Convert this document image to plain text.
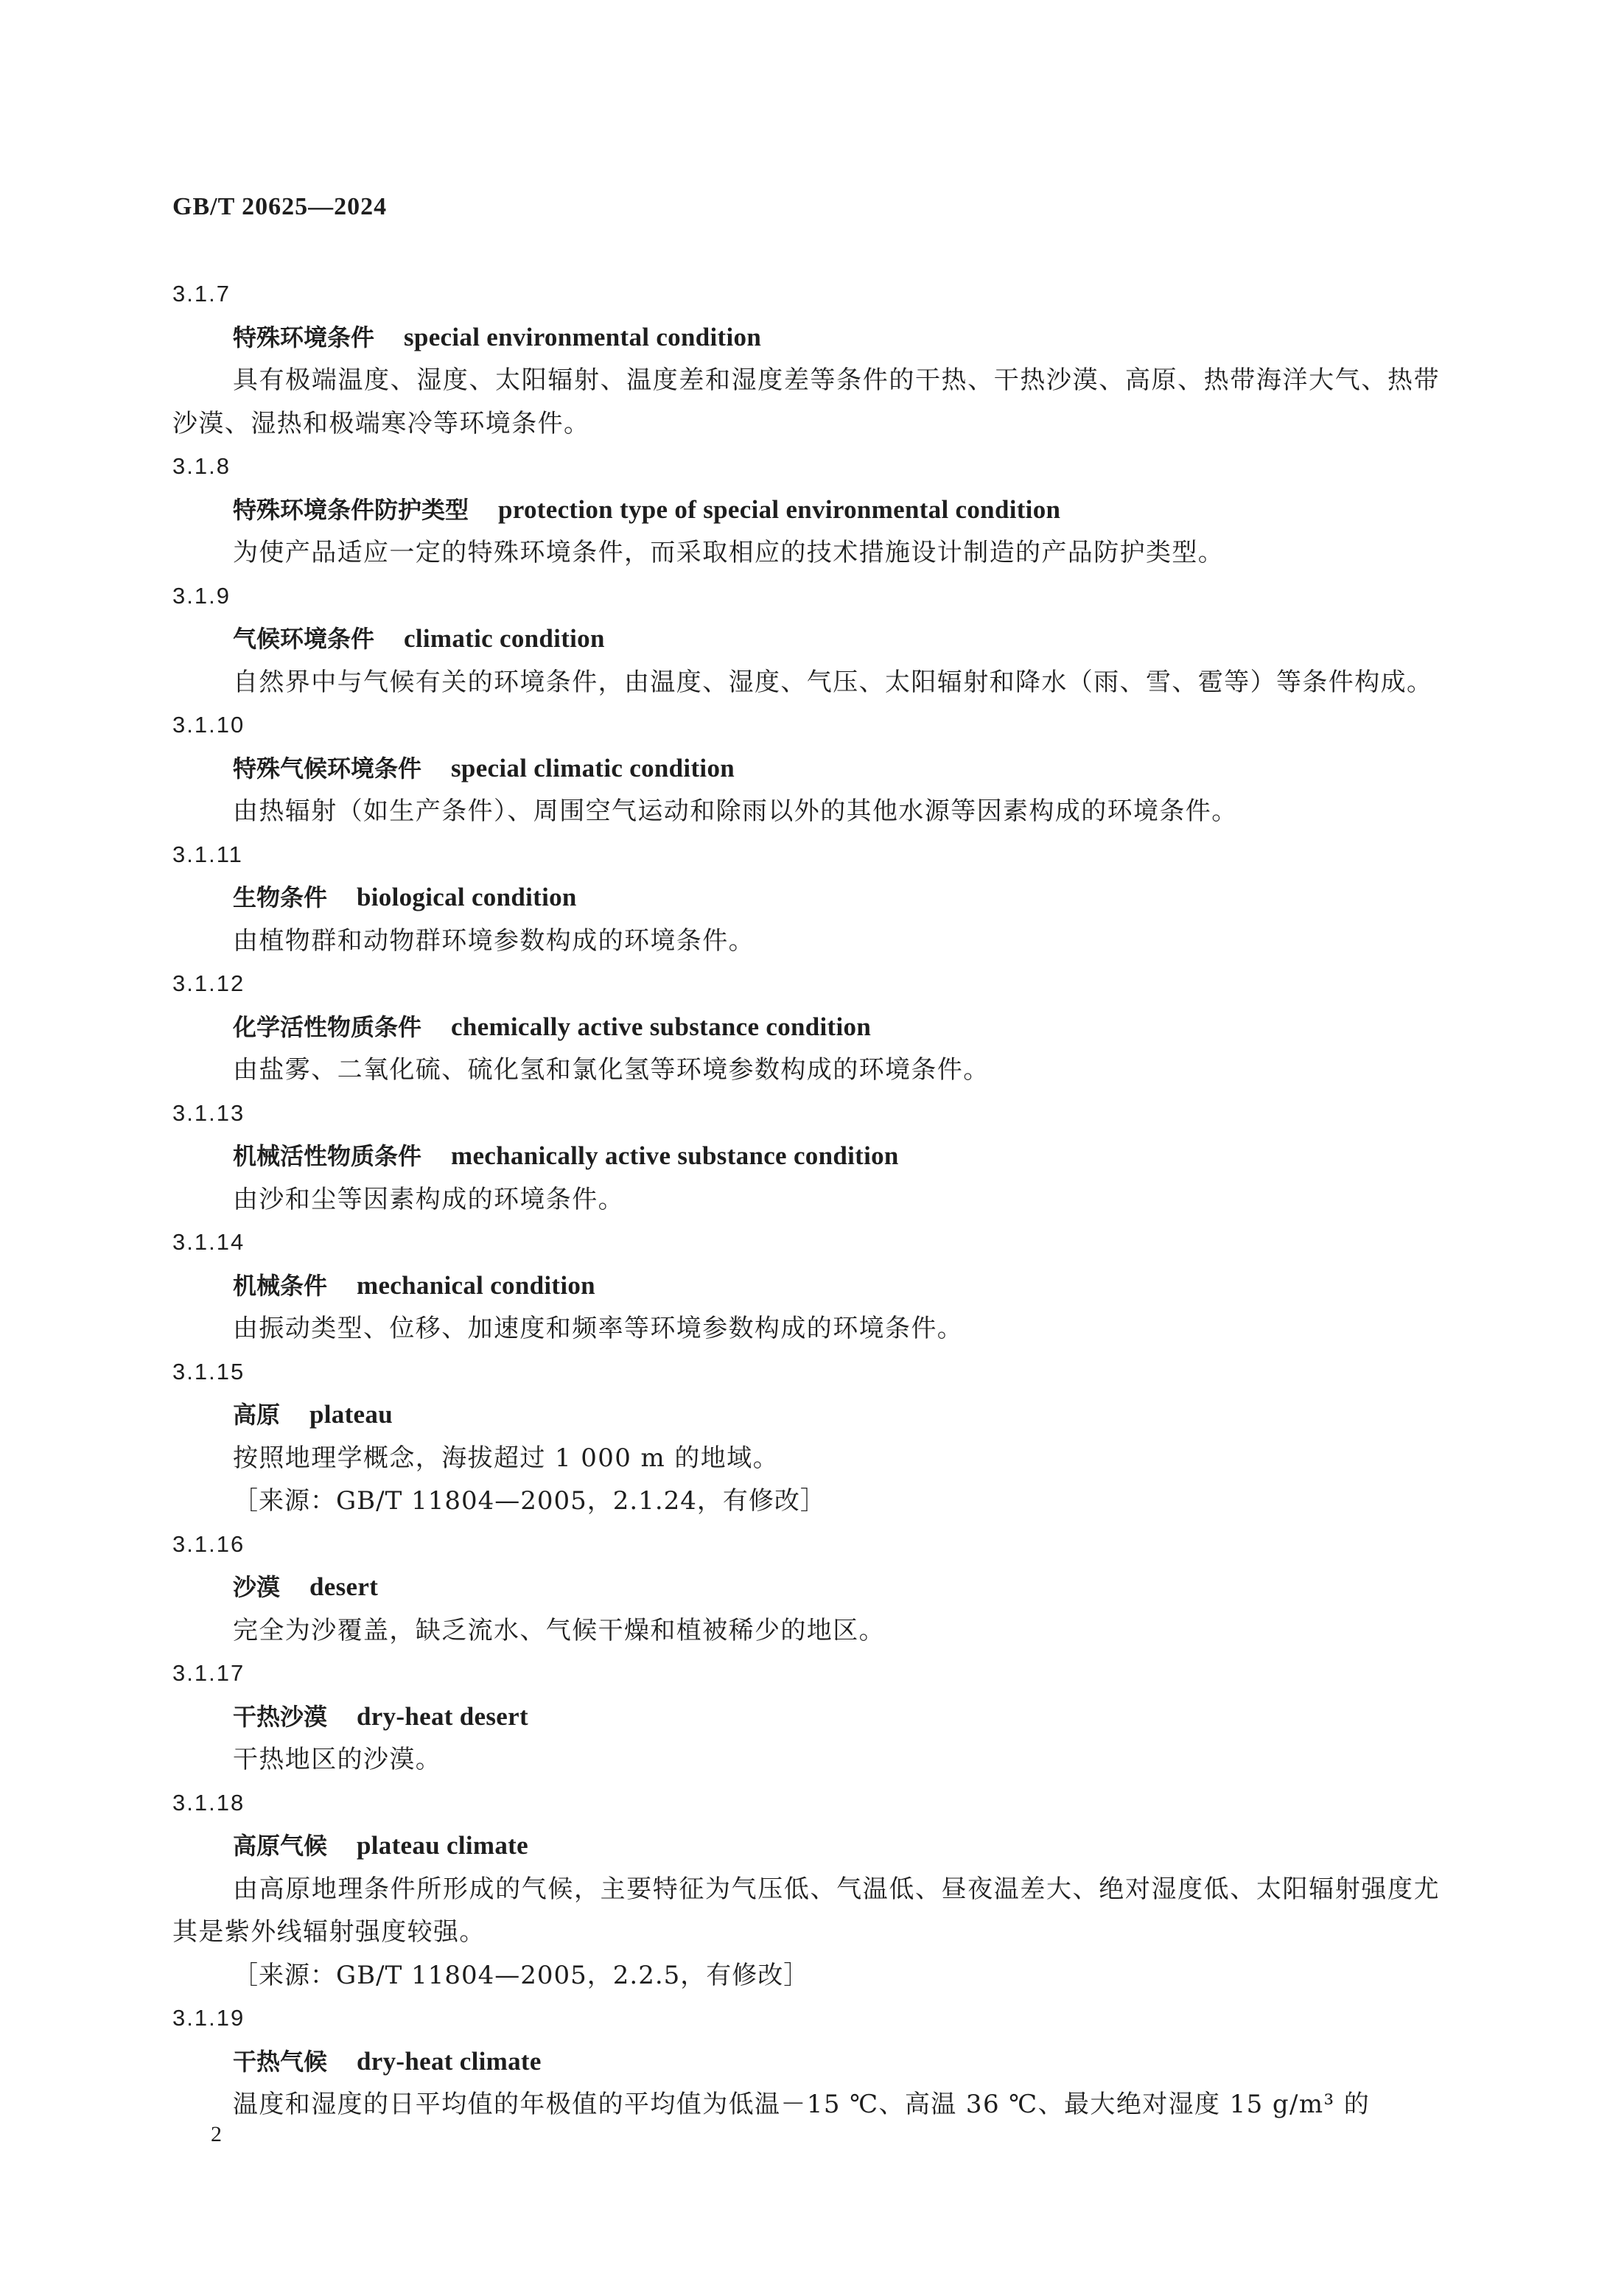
GB/T 20625—2024
3.1.7
特殊环境条件 special environmental condition
具有极端温度、湿度、太阳辐射、温度差和湿度差等条件的干热、干热沙漠、高原、热带海洋大气、热带沙漠、湿热和极端寒冷等环境条件。
3.1.8
特殊环境条件防护类型 protection type of special environmental condition
为使产品适应一定的特殊环境条件，而采取相应的技术措施设计制造的产品防护类型。
3.1.9
气候环境条件 climatic condition
自然界中与气候有关的环境条件，由温度、湿度、气压、太阳辐射和降水（雨、雪、雹等）等条件构成。
3.1.10
特殊气候环境条件 special climatic condition
由热辐射（如生产条件）、周围空气运动和除雨以外的其他水源等因素构成的环境条件。
3.1.11
生物条件 biological condition
由植物群和动物群环境参数构成的环境条件。
3.1.12
化学活性物质条件 chemically active substance condition
由盐雾、二氧化硫、硫化氢和氯化氢等环境参数构成的环境条件。
3.1.13
机械活性物质条件 mechanically active substance condition
由沙和尘等因素构成的环境条件。
3.1.14
机械条件 mechanical condition
由振动类型、位移、加速度和频率等环境参数构成的环境条件。
3.1.15
高原 plateau
按照地理学概念，海拔超过 1 000 m 的地域。
［来源：GB/T 11804—2005，2.1.24，有修改］
3.1.16
沙漠 desert
完全为沙覆盖，缺乏流水、气候干燥和植被稀少的地区。
3.1.17
干热沙漠 dry-heat desert
干热地区的沙漠。
3.1.18
高原气候 plateau climate
由高原地理条件所形成的气候，主要特征为气压低、气温低、昼夜温差大、绝对湿度低、太阳辐射强度尤其是紫外线辐射强度较强。
［来源：GB/T 11804—2005，2.2.5，有修改］
3.1.19
干热气候 dry-heat climate
温度和湿度的日平均值的年极值的平均值为低温－15 ℃、高温 36 ℃、最大绝对湿度 15 g/m³ 的
2
